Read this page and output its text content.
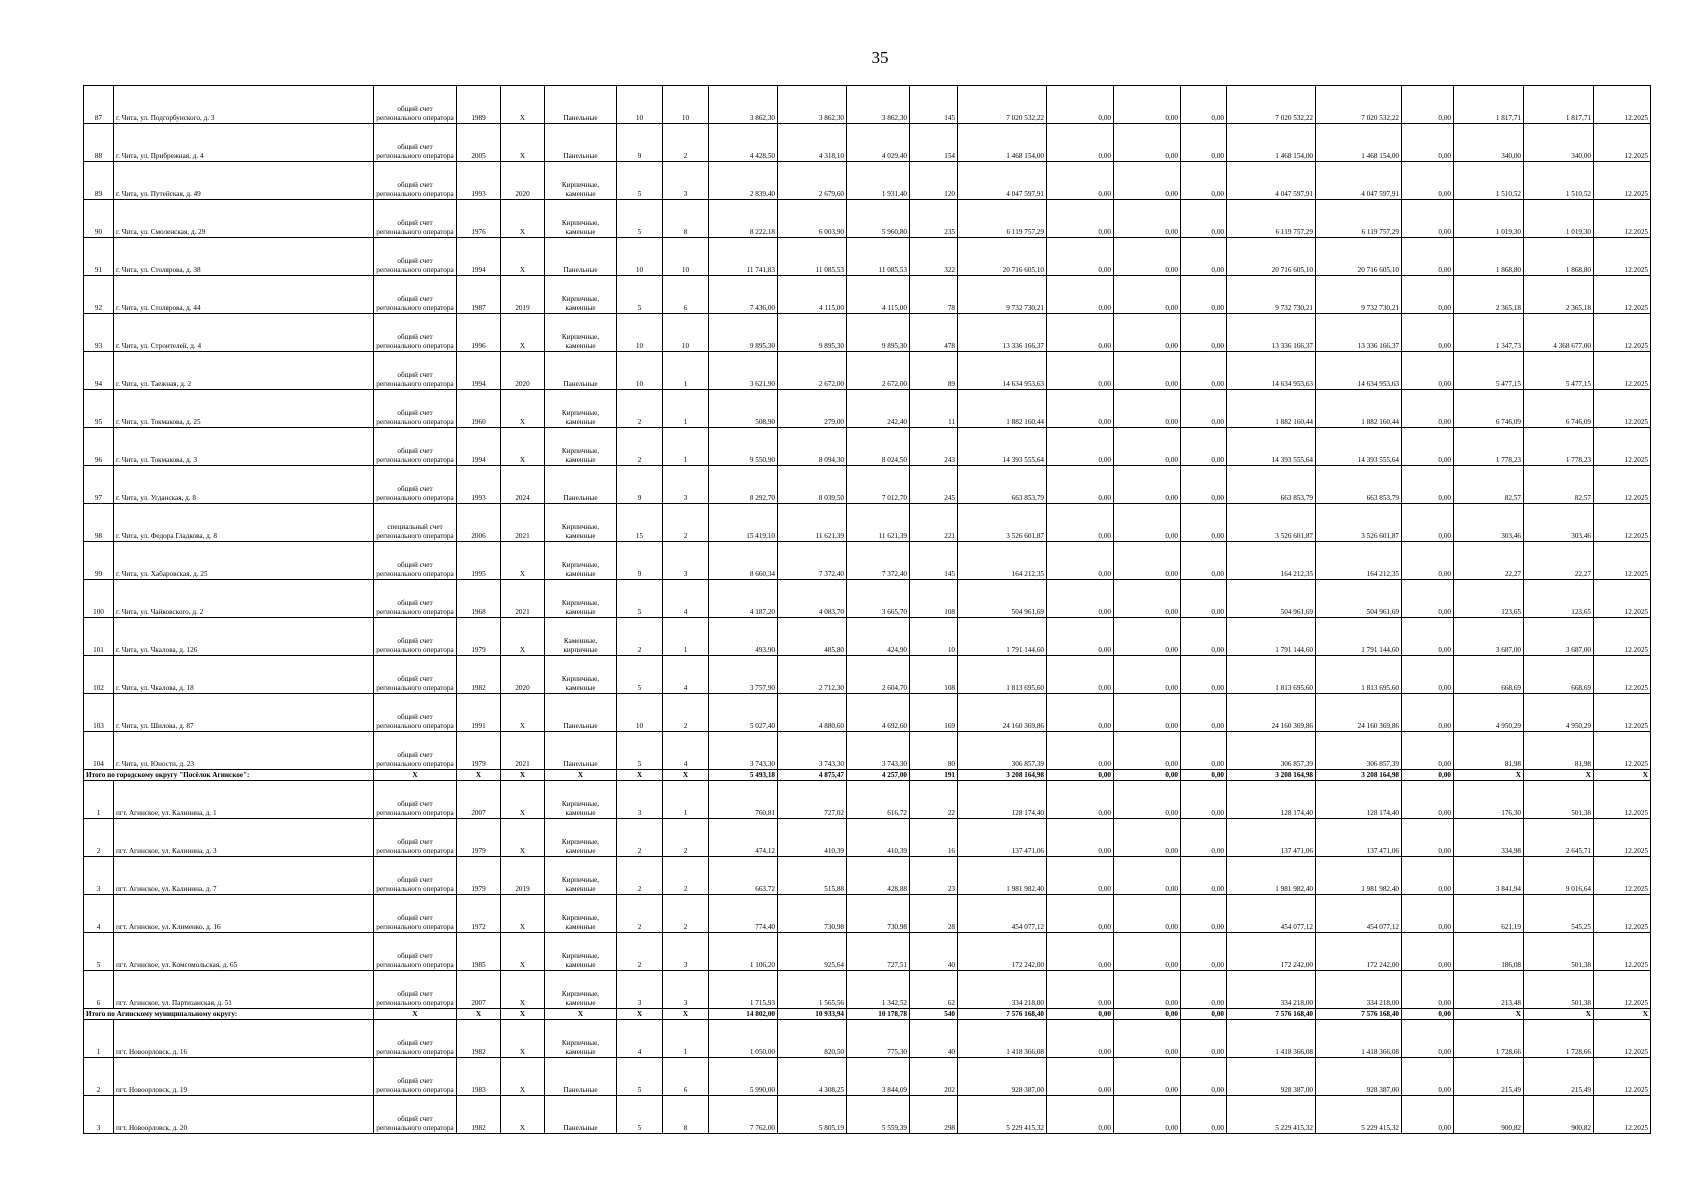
35
87	г. Чита, ул. Подгорбунского, д. 3	общий счет регионального оператора	1989	X	Панельные	10	10	3 862,30	3 862,30	3 862,30	145	7 020 532,22	0,00	0,00	0,00	7 020 532,22	7 020 532,22	0,00	1 817,71	1 817,71	12.2025
88	г. Чита, ул. Прибрежная, д. 4	общий счет регионального оператора	2005	X	Панельные	9	2	4 428,50	4 318,10	4 029,40	154	1 468 154,00	0,00	0,00	0,00	1 468 154,00	1 468 154,00	0,00	340,00	340,00	12.2025
89	г. Чита, ул. Путейская, д. 49	общий счет регионального оператора	1993	2020	Кирпичные, каменные	5	3	2 839,40	2 679,60	1 931,40	120	4 047 597,91	0,00	0,00	0,00	4 047 597,91	4 047 597,91	0,00	1 510,52	1 510,52	12.2025
90	г. Чита, ул. Смоленская, д. 29	общий счет регионального оператора	1976	X	Кирпичные, каменные	5	8	8 222,18	6 003,90	5 960,80	235	6 119 757,29	0,00	0,00	0,00	6 119 757,29	6 119 757,29	0,00	1 019,30	1 019,30	12.2025
91	г. Чита, ул. Столярова, д. 38	общий счет регионального оператора	1994	X	Панельные	10	10	11 741,83	11 085,53	11 085,53	322	20 716 605,10	0,00	0,00	0,00	20 716 605,10	20 716 605,10	0,00	1 868,80	1 868,80	12.2025
92	г. Чита, ул. Столярова, д. 44	общий счет регионального оператора	1987	2019	Кирпичные, каменные	5	6	7 436,00	4 115,00	4 115,00	78	9 732 730,21	0,00	0,00	0,00	9 732 730,21	9 732 730,21	0,00	2 365,18	2 365,18	12.2025
93	г. Чита, ул. Строителей, д. 4	общий счет регионального оператора	1996	X	Кирпичные, каменные	10	10	9 895,30	9 895,30	9 895,30	478	13 336 166,37	0,00	0,00	0,00	13 336 166,37	13 336 166,37	0,00	1 347,73	4 368 677,00	12.2025
94	г. Чита, ул. Таежная, д. 2	общий счет регионального оператора	1994	2020	Панельные	10	1	3 621,90	2 672,00	2 672,00	89	14 634 953,63	0,00	0,00	0,00	14 634 953,63	14 634 953,63	0,00	5 477,15	5 477,15	12.2025
95	г. Чита, ул. Токмакова, д. 25	общий счет регионального оператора	1960	X	Кирпичные, каменные	2	1	508,90	279,00	242,40	11	1 882 160,44	0,00	0,00	0,00	1 882 160,44	1 882 160,44	0,00	6 746,09	6 746,09	12.2025
96	г. Чита, ул. Токмакова, д. 3	общий счет регионального оператора	1994	X	Кирпичные, каменные	2	1	9 550,90	8 094,30	8 024,50	243	14 393 555,64	0,00	0,00	0,00	14 393 555,64	14 393 555,64	0,00	1 778,23	1 778,23	12.2025
97	г. Чита, ул. Угданская, д. 8	общий счет регионального оператора	1993	2024	Панельные	9	3	8 292,70	8 039,50	7 012,70	245	663 853,79	0,00	0,00	0,00	663 853,79	663 853,79	0,00	82,57	82,57	12.2025
98	г. Чита, ул. Федора Гладкова, д. 8	специальный счет регионального оператора	2006	2021	Кирпичные, каменные	15	2	15 419,10	11 621,39	11 621,39	221	3 526 601,87	0,00	0,00	0,00	3 526 601,87	3 526 601,87	0,00	303,46	303,46	12.2025
99	г. Чита, ул. Хабаровская, д. 25	общий счет регионального оператора	1995	X	Кирпичные, каменные	9	3	8 660,34	7 372,40	7 372,40	145	164 212,35	0,00	0,00	0,00	164 212,35	164 212,35	0,00	22,27	22,27	12.2025
100	г. Чита, ул. Чайковского, д. 2	общий счет регионального оператора	1968	2021	Кирпичные, каменные	5	4	4 187,20	4 083,70	3 665,70	108	504 961,69	0,00	0,00	0,00	504 961,69	504 961,69	0,00	123,65	123,65	12.2025
101	г. Чита, ул. Чкалова, д. 126	общий счет регионального оператора	1979	X	Каменные, кирпичные	2	1	493,90	485,80	424,90	10	1 791 144,60	0,00	0,00	0,00	1 791 144,60	1 791 144,60	0,00	3 687,00	3 687,00	12.2025
102	г. Чита, ул. Чкалова, д. 18	общий счет регионального оператора	1982	2020	Кирпичные, каменные	5	4	3 757,90	2 712,30	2 604,70	108	1 813 695,60	0,00	0,00	0,00	1 813 695,60	1 813 695,60	0,00	668,69	668,69	12.2025
103	г. Чита, ул. Шилова, д. 87	общий счет регионального оператора	1991	X	Панельные	10	2	5 027,40	4 880,60	4 692,60	169	24 160 369,86	0,00	0,00	0,00	24 160 369,86	24 160 369,86	0,00	4 950,29	4 950,29	12.2025
104	г. Чита, ул. Юности, д. 23	общий счет регионального оператора	1979	2021	Панельные	5	4	3 743,30	3 743,30	3 743,30	80	306 857,39	0,00	0,00	0,00	306 857,39	306 857,39	0,00	81,98	81,98	12.2025
Итого по городскому округу "Посёлок Агинское":		X	X	X	X	X	X	5 493,18	4 875,47	4 257,00	191	3 208 164,98	0,00	0,00	0,00	3 208 164,98	3 208 164,98	0,00	X	X	X
1	пгт. Агинское, ул. Калинина, д. 1	общий счет регионального оператора	2007	X	Кирпичные, каменные	3	1	760,81	727,02	616,72	22	128 174,40	0,00	0,00	0,00	128 174,40	128 174,40	0,00	176,30	501,38	12.2025
2	пгт. Агинское, ул. Калинина, д. 3	общий счет регионального оператора	1979	X	Кирпичные, каменные	2	2	474,12	410,39	410,39	16	137 471,06	0,00	0,00	0,00	137 471,06	137 471,06	0,00	334,98	2 645,71	12.2025
3	пгт. Агинское, ул. Калинина, д. 7	общий счет регионального оператора	1979	2019	Кирпичные, каменные	2	2	663,72	515,88	428,88	23	1 981 982,40	0,00	0,00	0,00	1 981 982,40	1 981 982,40	0,00	3 841,94	9 016,64	12.2025
4	пгт. Агинское, ул. Клименко, д. 16	общий счет регионального оператора	1972	X	Кирпичные, каменные	2	2	774,40	730,98	730,98	28	454 077,12	0,00	0,00	0,00	454 077,12	454 077,12	0,00	621,19	545,25	12.2025
5	пгт. Агинское, ул. Комсомольская, д. 65	общий счет регионального оператора	1985	X	Кирпичные, каменные	2	3	1 106,20	925,64	727,51	40	172 242,00	0,00	0,00	0,00	172 242,00	172 242,00	0,00	186,08	501,38	12.2025
6	пгт. Агинское, ул. Партизанская, д. 51	общий счет регионального оператора	2007	X	Кирпичные, каменные	3	3	1 715,93	1 565,56	1 342,52	62	334 218,00	0,00	0,00	0,00	334 218,00	334 218,00	0,00	213,48	501,38	12.2025
Итого по Агинскому муниципальному округу:		X	X	X	X	X	X	14 802,00	10 933,94	10 178,78	540	7 576 168,40	0,00	0,00	0,00	7 576 168,40	7 576 168,40	0,00	X	X	X
1	пгт. Новоорловск, д. 16	общий счет регионального оператора	1982	X	Кирпичные, каменные	4	1	1 050,00	820,50	775,30	40	1 418 366,08	0,00	0,00	0,00	1 418 366,08	1 418 366,08	0,00	1 728,66	1 728,66	12.2025
2	пгт. Новоорловск, д. 19	общий счет регионального оператора	1983	X	Панельные	5	6	5 990,00	4 308,25	3 844,09	202	928 387,00	0,00	0,00	0,00	928 387,00	928 387,00	0,00	215,49	215,49	12.2025
3	пгт. Новоорловск, д. 20	общий счет регионального оператора	1982	X	Панельные	5	8	7 762,00	5 805,19	5 559,39	298	5 229 415,32	0,00	0,00	0,00	5 229 415,32	5 229 415,32	0,00	900,82	900,82	12.2025
